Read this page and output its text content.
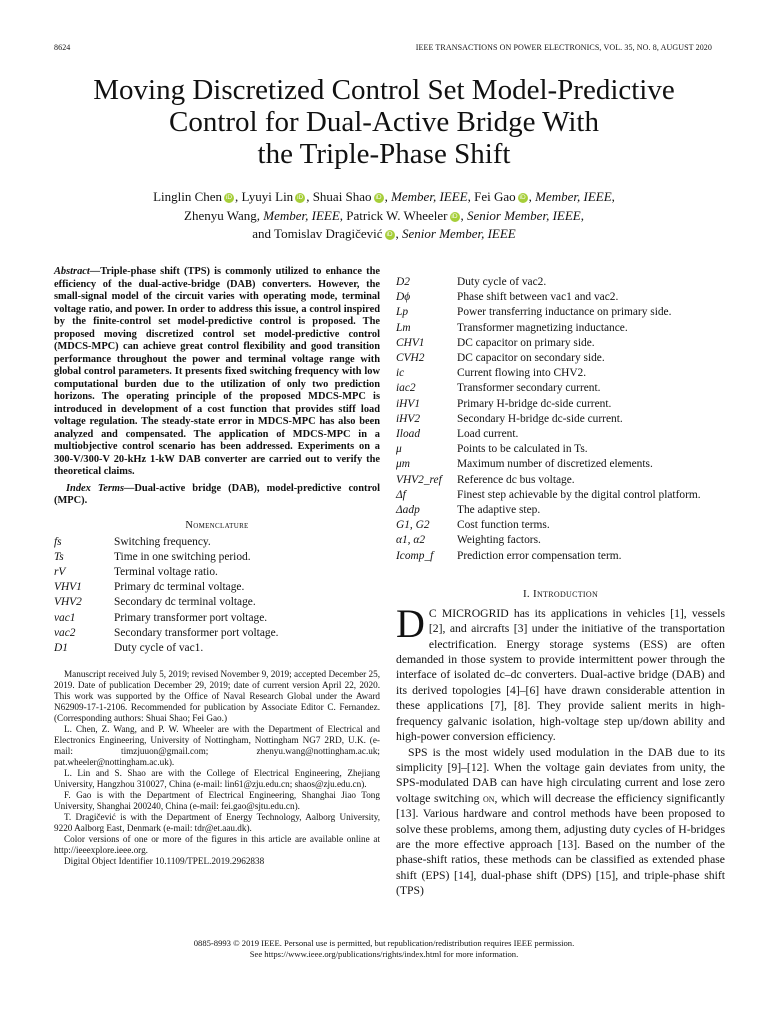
8624	IEEE TRANSACTIONS ON POWER ELECTRONICS, VOL. 35, NO. 8, AUGUST 2020
Moving Discretized Control Set Model-Predictive
Control for Dual-Active Bridge With
the Triple-Phase Shift
Linglin Chen iD , Lyuyi Lin iD , Shuai Shao iD , Member, IEEE, Fei Gao iD , Member, IEEE,
Zhenyu Wang, Member, IEEE, Patrick W. Wheeler iD , Senior Member, IEEE,
and Tomislav Dragičević iD , Senior Member, IEEE

Abstract—Triple-phase shift (TPS) is commonly utilized to enhance the efficiency of the dual-active-bridge (DAB) converters. However, the small-signal model of the circuit varies with operating mode, terminal voltage ratio, and power. In order to address this issue, a control inspired by the finite-control set model-predictive control is proposed. The proposed moving discretized control set model-predictive control (MDCS-MPC) can achieve great control flexibility and good transition performance throughout the power and terminal voltage range with global control parameters. It presents fixed switching frequency with low computational burden due to the utilization of only two prediction horizons. The operating principle of the proposed MDCS-MPC is introduced in development of a cost function that provides stiff load voltage regulation. The steady-state error in MDCS-MPC has also been analyzed and compensated. The application of MDCS-MPC in a multiobjective control scenario has been addressed. Experiments on a 300-V/300-V 20-kHz 1-kW DAB converter are carried out to verify the theoretical claims.

Index Terms—Dual-active bridge (DAB), model-predictive control (MPC).

Nomenclature
fs	Switching frequency.
Ts	Time in one switching period.
rV	Terminal voltage ratio.
VHV1	Primary dc terminal voltage.
VHV2	Secondary dc terminal voltage.
vac1	Primary transformer port voltage.
vac2	Secondary transformer port voltage.
D1	Duty cycle of vac1.

Manuscript received July 5, 2019; revised November 9, 2019; accepted December 25, 2019. Date of publication December 29, 2019; date of current version April 22, 2020. This work was supported by the Office of Naval Research Global under the Award N62909-17-1-2106. Recommended for publication by Associate Editor C. Fernandez. (Corresponding authors: Shuai Shao; Fei Gao.)

L. Chen, Z. Wang, and P. W. Wheeler are with the Department of Electrical and Electronics Engineering, University of Nottingham, Nottingham NG7 2RD, U.K. (e-mail: timzjuuon@gmail.com; zhenyu.wang@nottingham.ac.uk; pat.wheeler@nottingham.ac.uk).

L. Lin and S. Shao are with the College of Electrical Engineering, Zhejiang University, Hangzhou 310027, China (e-mail: lin61@zju.edu.cn; shaos@zju.edu.cn).

F. Gao is with the Department of Electrical Engineering, Shanghai Jiao Tong University, Shanghai 200240, China (e-mail: fei.gao@sjtu.edu.cn).

T. Dragičević is with the Department of Energy Technology, Aalborg University, 9220 Aalborg East, Denmark (e-mail: tdr@et.aau.dk).

Color versions of one or more of the figures in this article are available online at http://ieeexplore.ieee.org.

Digital Object Identifier 10.1109/TPEL.2019.2962838

D2	Duty cycle of vac2.
Dϕ	Phase shift between vac1 and vac2.
Lp	Power transferring inductance on primary side.
Lm	Transformer magnetizing inductance.
CHV1	DC capacitor on primary side.
CVH2	DC capacitor on secondary side.
ic	Current flowing into CHV2.
iac2	Transformer secondary current.
iHV1	Primary H-bridge dc-side current.
iHV2	Secondary H-bridge dc-side current.
Iload	Load current.
μ	Points to be calculated in Ts.
μm	Maximum number of discretized elements.
VHV2_ref	Reference dc bus voltage.
Δf	Finest step achievable by the digital control platform.
Δadp	The adaptive step.
G1, G2	Cost function terms.
α1, α2	Weighting factors.
Icomp_f	Prediction error compensation term.
I. Introduction

D C MICROGRID has its applications in vehicles [1], vessels [2], and aircrafts [3] under the initiative of the transportation electrification. Energy storage systems (ESS) are often demanded in those system to provide intermittent power through the interface of isolated dc–dc converters. Dual-active bridge (DAB) and its derived topologies [4]–[6] have drawn considerable attention in these applications [7], [8]. They provide salient merits in high-frequency galvanic isolation, high-voltage step up/down ability and high-power conversion efficiency.

SPS is the most widely used modulation in the DAB due to its simplicity [9]–[12]. When the voltage gain deviates from unity, the SPS-modulated DAB can have high circulating current and lose zero voltage switching on, which will decrease the efficiency significantly [13]. Various hardware and control methods have been proposed to solve these problems, among them, adjusting duty cycles of H-bridges are the more effective approach [13]. Based on the number of the phase-shift ratios, these methods can be classified as extended phase shift (EPS) [14], dual-phase shift (DPS) [15], and triple-phase shift (TPS)

0885-8993 © 2019 IEEE. Personal use is permitted, but republication/redistribution requires IEEE permission.
See https://www.ieee.org/publications/rights/index.html for more information.
